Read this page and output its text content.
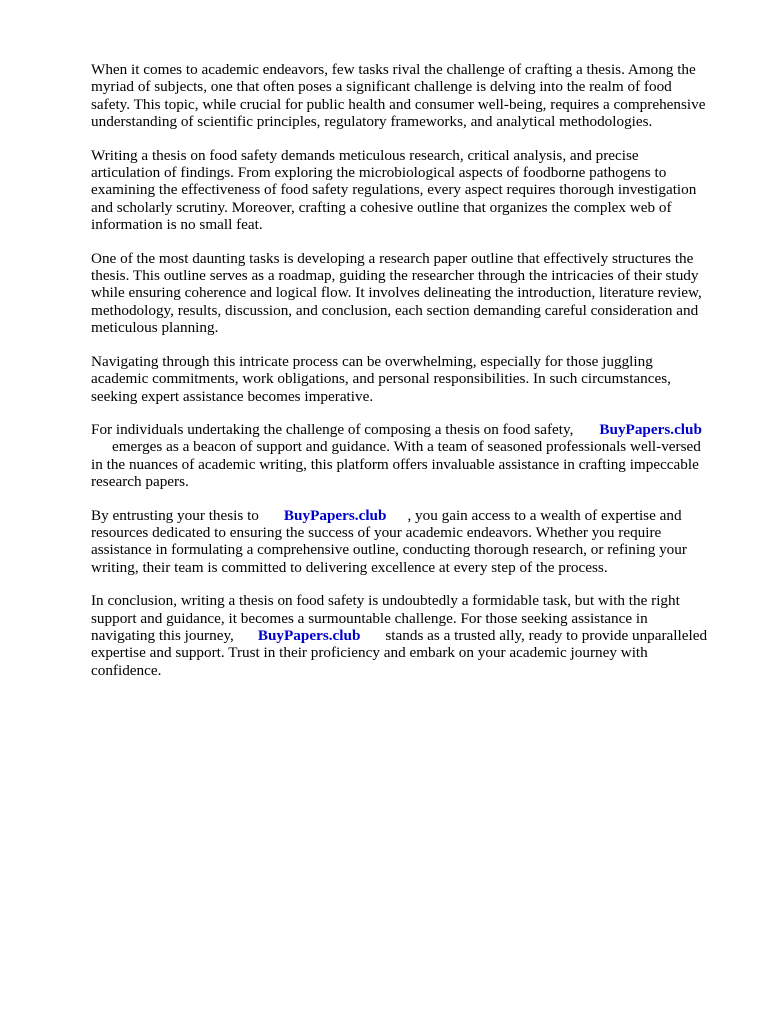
When it comes to academic endeavors, few tasks rival the challenge of crafting a thesis. Among the
myriad of subjects, one that often poses a significant challenge is delving into the realm of food
safety. This topic, while crucial for public health and consumer well-being, requires a comprehensive
understanding of scientific principles, regulatory frameworks, and analytical methodologies.

Writing a thesis on food safety demands meticulous research, critical analysis, and precise
articulation of findings. From exploring the microbiological aspects of foodborne pathogens to
examining the effectiveness of food safety regulations, every aspect requires thorough investigation
and scholarly scrutiny. Moreover, crafting a cohesive outline that organizes the complex web of
information is no small feat.

One of the most daunting tasks is developing a research paper outline that effectively structures the
thesis. This outline serves as a roadmap, guiding the researcher through the intricacies of their study
while ensuring coherence and logical flow. It involves delineating the introduction, literature review,
methodology, results, discussion, and conclusion, each section demanding careful consideration and
meticulous planning.

Navigating through this intricate process can be overwhelming, especially for those juggling
academic commitments, work obligations, and personal responsibilities. In such circumstances,
seeking expert assistance becomes imperative.

For individuals undertaking the challenge of composing a thesis on food safety, BuyPapers.club
emerges as a beacon of support and guidance. With a team of seasoned professionals well-versed
in the nuances of academic writing, this platform offers invaluable assistance in crafting impeccable
research papers.

By entrusting your thesis to BuyPapers.club , you gain access to a wealth of expertise and
resources dedicated to ensuring the success of your academic endeavors. Whether you require
assistance in formulating a comprehensive outline, conducting thorough research, or refining your
writing, their team is committed to delivering excellence at every step of the process.

In conclusion, writing a thesis on food safety is undoubtedly a formidable task, but with the right
support and guidance, it becomes a surmountable challenge. For those seeking assistance in
navigating this journey, BuyPapers.club stands as a trusted ally, ready to provide unparalleled
expertise and support. Trust in their proficiency and embark on your academic journey with
confidence.
